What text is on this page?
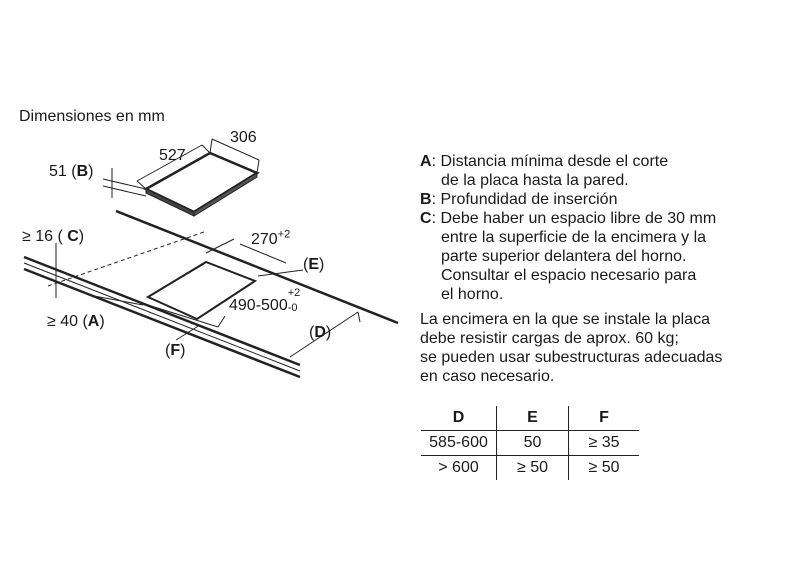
Dimensiones en mm
527
306
51 (B)
≥ 16 ( C)
≥ 40 (A)
(F)
(D)
(E)
$270^{+2}$
490-500
+2
-0
A: Distancia mínima desde el corte
de la placa hasta la pared.
B: Profundidad de inserción
C: Debe haber un espacio libre de 30 mm
entre la superficie de la encimera y la
parte superior delantera del horno.
Consultar el espacio necesario para
el horno.
La encimera en la que se instale la placa
debe resistir cargas de aprox. 60 kg;
se pueden usar subestructuras adecuadas
en caso necesario.
D	E	F
585-600	50	≥ 35
> 600	≥ 50	≥ 50
